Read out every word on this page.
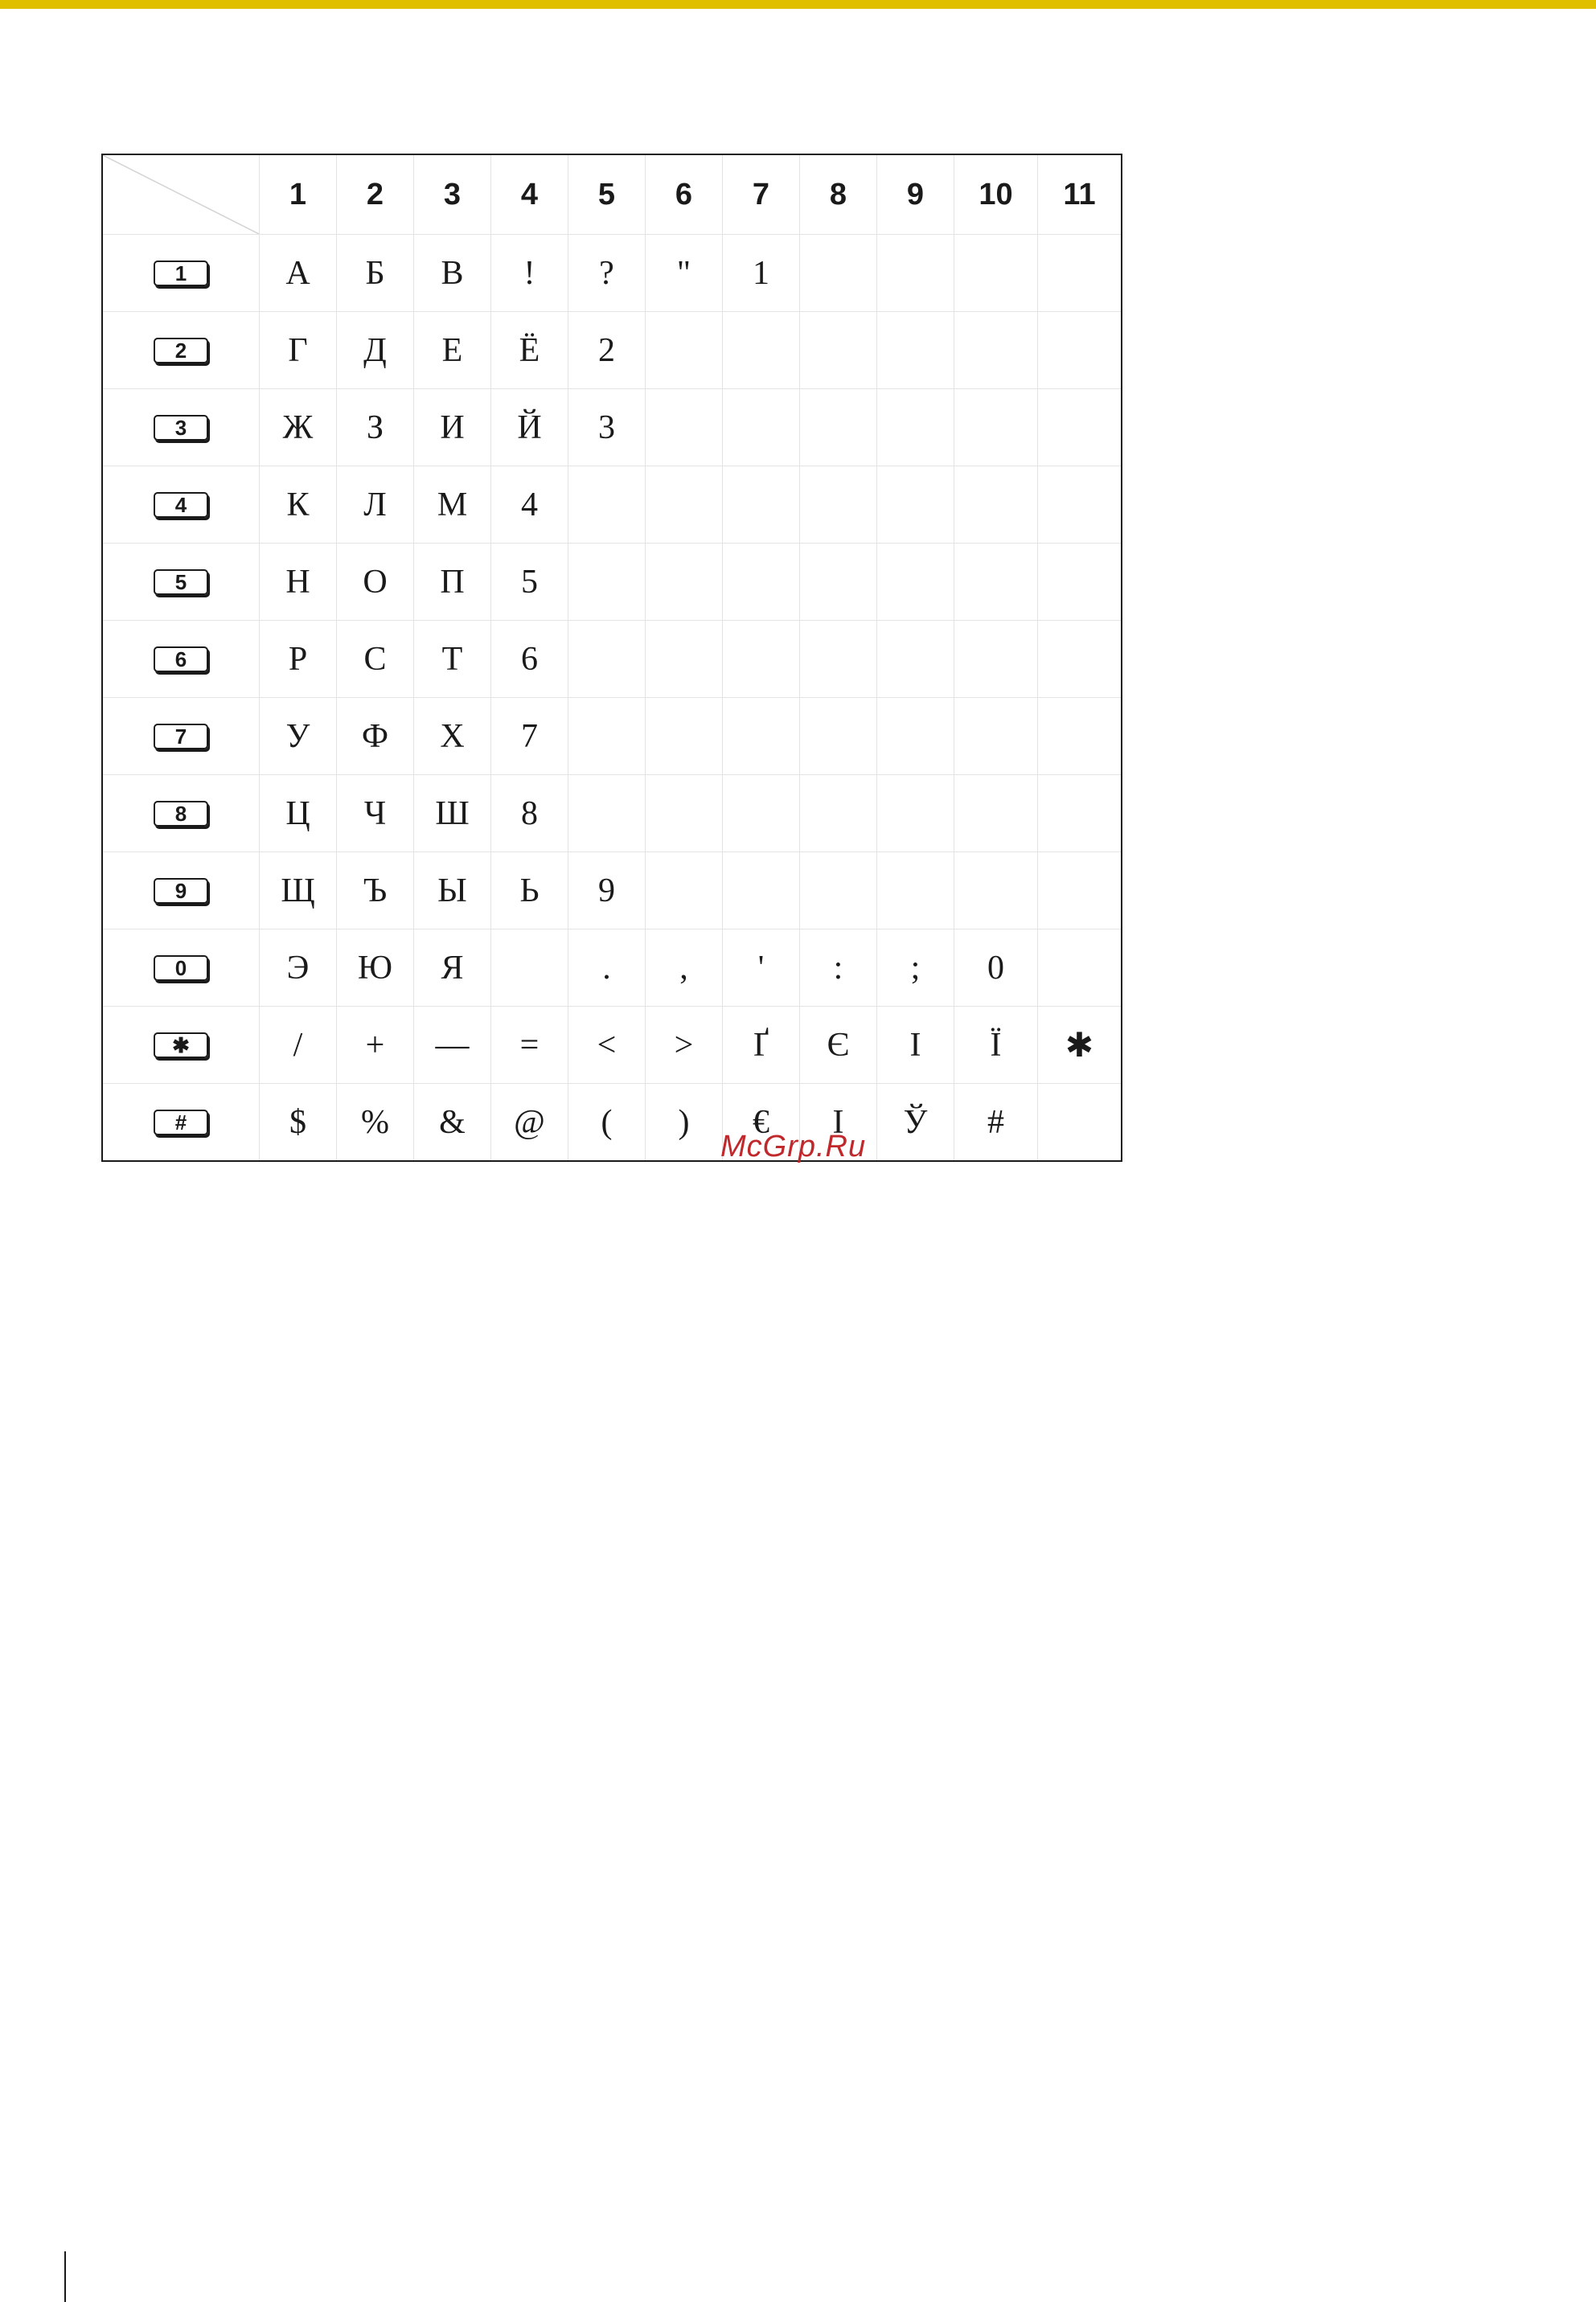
	1	2	3	4	5	6	7	8	9	10	11
1	А	Б	В	!	?	"	1				
2	Г	Д	Е	Ё	2						
3	Ж	З	И	Й	3						
4	К	Л	М	4							
5	Н	О	П	5							
6	Р	С	Т	6							
7	У	Ф	Х	7							
8	Ц	Ч	Ш	8							
9	Щ	Ъ	Ы	Ь	9						
0	Э	Ю	Я		.	,	'	:	;	0	
✱	/	+	—	=	<	>	Ґ	Є	І	Ї	✱
#	$	%	&	@	(	)	€	І	Ў	#	
McGrp.Ru
